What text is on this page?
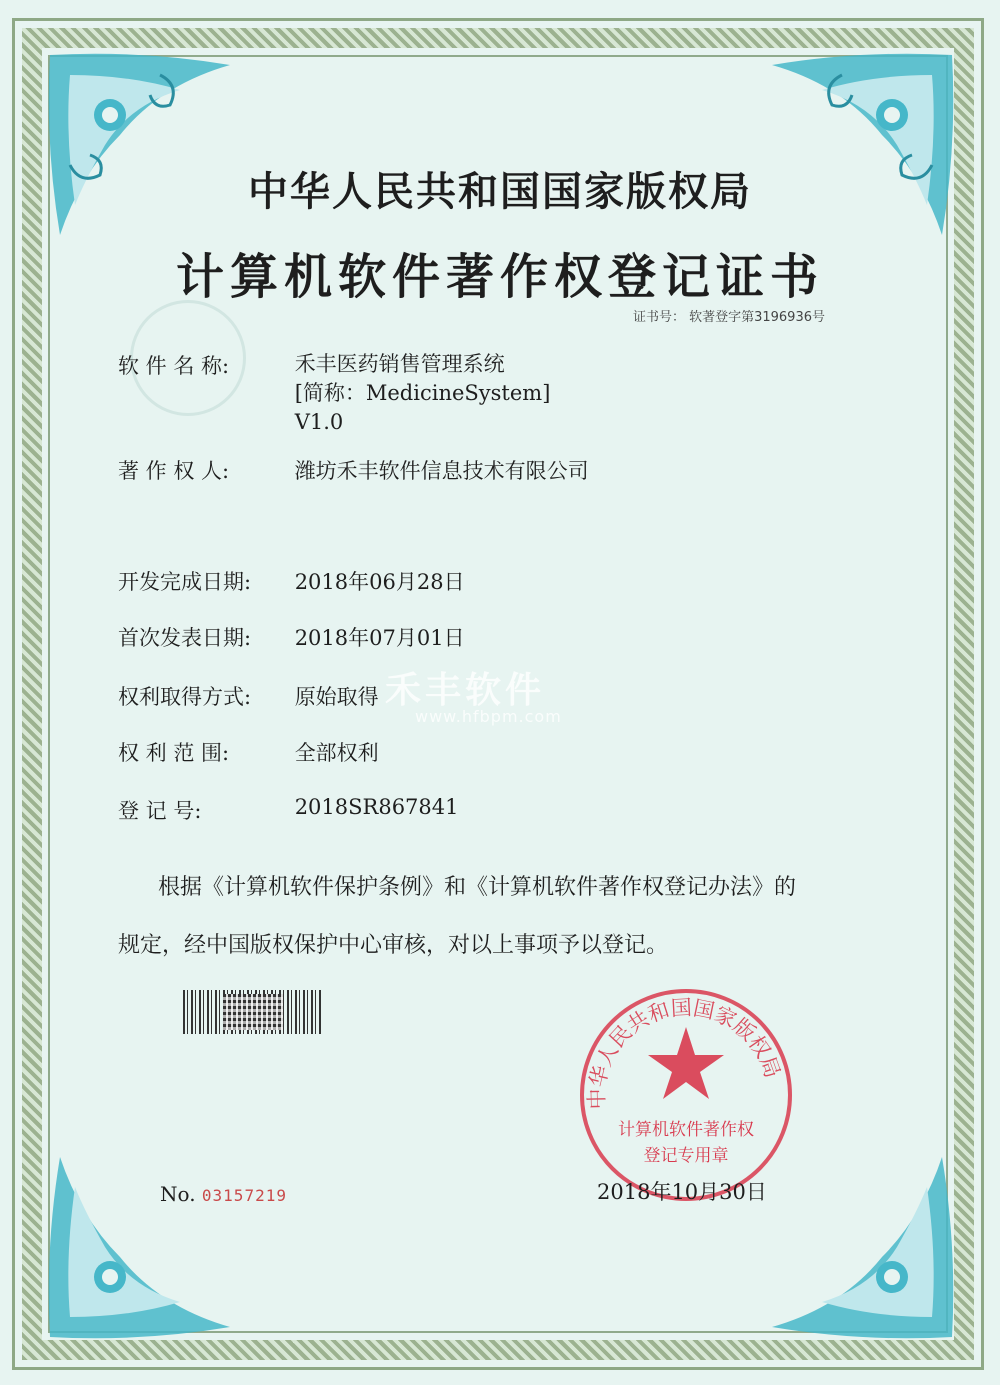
中华人民共和国国家版权局
计算机软件著作权登记证书
证书号： 软著登字第3196936号
软 件 名 称:	禾丰医药销售管理系统
[简称：MedicineSystem]
V1.0
著 作 权 人:	潍坊禾丰软件信息技术有限公司
开发完成日期: 2018年06月28日
首次发表日期: 2018年07月01日
权利取得方式: 原始取得
权 利 范 围:	全部权利
登 记 号:	2018SR867841
根据《计算机软件保护条例》和《计算机软件著作权登记办法》的
规定，经中国版权保护中心审核，对以上事项予以登记。
禾丰软件
www.hfbpm.com
No. 03157219
中华人民共和国国家版权局
计算机软件著作权
登记专用章
2018年10月30日
